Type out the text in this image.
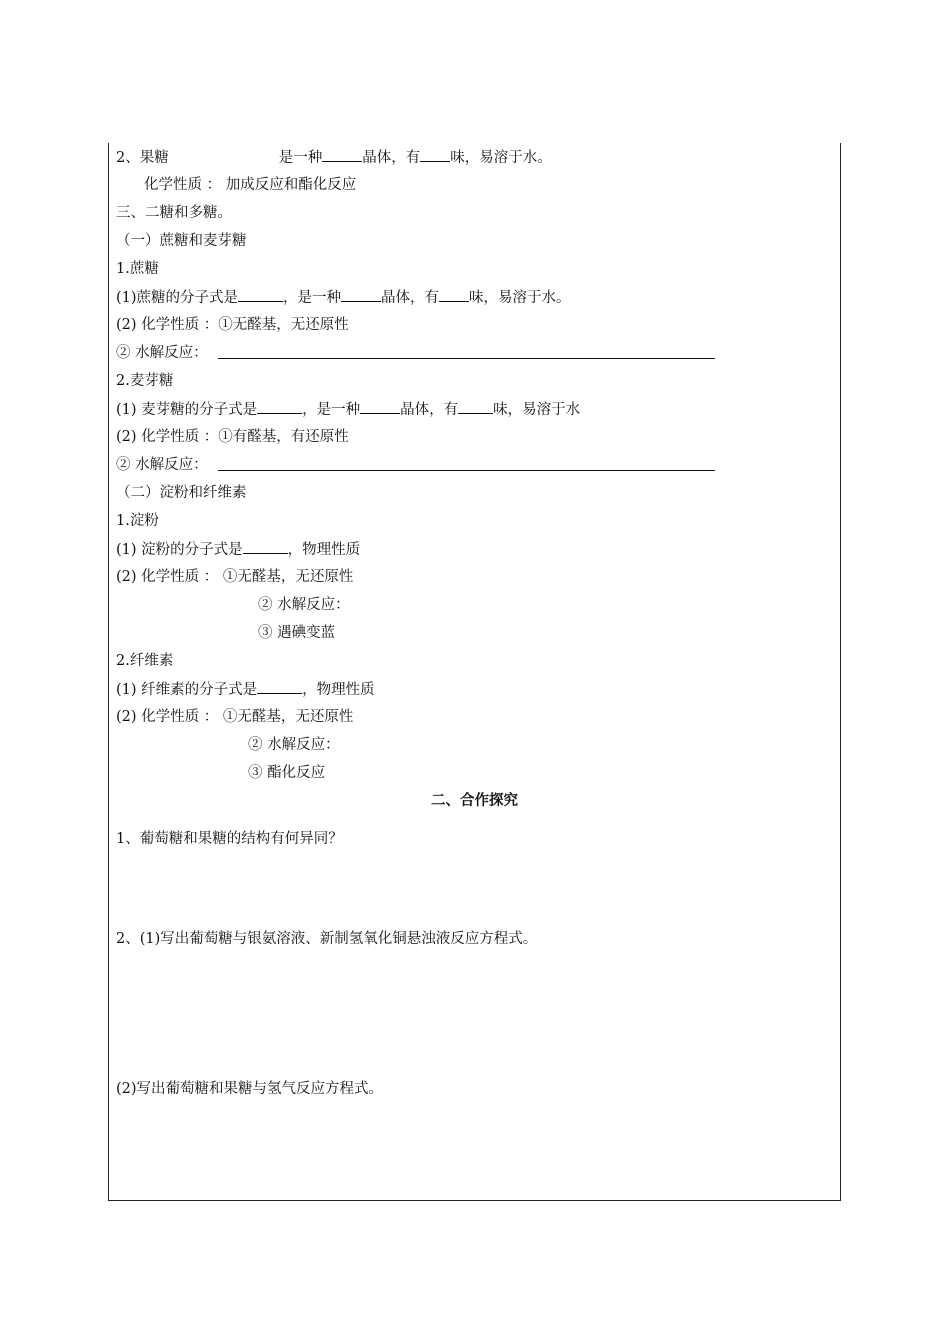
2、果糖	是一种	晶体，有 味，易溶于水。
化学性质 ： 加成反应和酯化反应
三、二糖和多糖。
（一）蔗糖和麦芽糖
1.蔗糖
(1)蔗糖的分子式是	，是一种	晶体，有 味，易溶于水。
(2) 化学性质 ：①无醛基，无还原性
② 水解反应：
2.麦芽糖
(1) 麦芽糖的分子式是	，是一种	晶体，有 味，易溶于水
(2) 化学性质 ：①有醛基，有还原性
② 水解反应：
（二）淀粉和纤维素
1.淀粉
(1) 淀粉的分子式是	，物理性质
(2) 化学性质 ： ①无醛基，无还原性
② 水解反应：
③ 遇碘变蓝
2.纤维素
(1) 纤维素的分子式是	，物理性质
(2) 化学性质 ： ①无醛基，无还原性
② 水解反应：
③ 酯化反应
二、合作探究
1、葡萄糖和果糖的结构有何异同？
2、(1)写出葡萄糖与银氨溶液、新制氢氧化铜悬浊液反应方程式。
(2)写出葡萄糖和果糖与氢气反应方程式。
